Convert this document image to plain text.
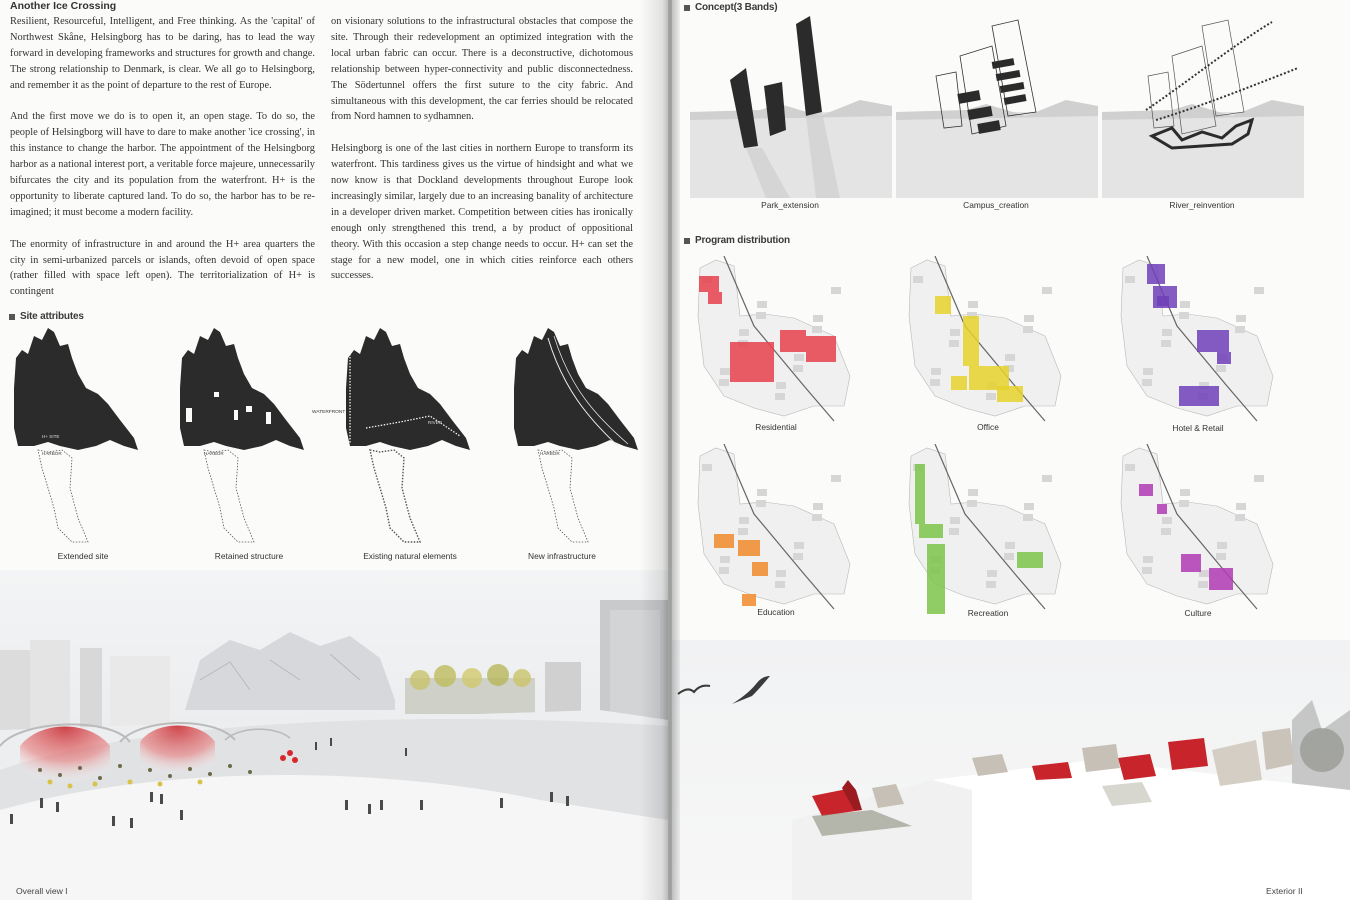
Another Ice Crossing

Resilient, Resourceful, Intelligent, and Free thinking. As the 'capital' of Northwest Skåne, Helsingborg has to be daring, has to lead the way forward in developing frameworks and structures for growth and change. The strong relationship to Denmark, is clear. We all go to Helsingborg, and remember it as the point of departure to the rest of Europe.

And the first move we do is to open it, an open stage. To do so, the people of Helsingborg will have to dare to make another 'ice crossing', in this instance to change the harbor. The appointment of the Helsingborg harbor as a national interest port, a veritable force majeure, unnecessarily bifurcates the city and its population from the waterfront. H+ is the opportunity to liberate captured land. To do so, the harbor has to be re-imagined; it must become a modern facility.

The enormity of infrastructure in and around the H+ area quarters the city in semi-urbanized parcels or islands, often devoid of open space (rather filled with space left open). The territorialization of H+ is contingent

on visionary solutions to the infrastructural obstacles that compose the site. Through their redevelopment an optimized integration with the local urban fabric can occur. There is a deconstructive, dichotomous relationship between hyper-connectivity and public disconnectedness. The Södertunnel offers the first suture to the city fabric. And simultaneous with this development, the car ferries should be relocated from Nord hamnen to sydhamnen.

Helsingborg is one of the last cities in northern Europe to transform its waterfront. This tardiness gives us the virtue of hindsight and what we now know is that Dockland developments throughout Europe look increasingly similar, largely due to an increasing banality of architecture in a developer driven market. Competition between cities has ironically enough only strengthened this trend, a by product of oppositional theory. With this occasion a step change needs to occur. H+ can set the stage for a new model, one in which cities reinforce each others successes.

Site attributes
H+ SITE
HARBOR	HARBOR
WATERFRONT
RIVER
HARBOR
Extended site	Retained structure	Existing natural elements	New infrastructure
Overall view I
Concept(3 Bands)
Park_extension	Campus_creation	River_reinvention
Program distribution
Residential	Office	Hotel & Retail
Education	Recreation	Culture
Exterior II
